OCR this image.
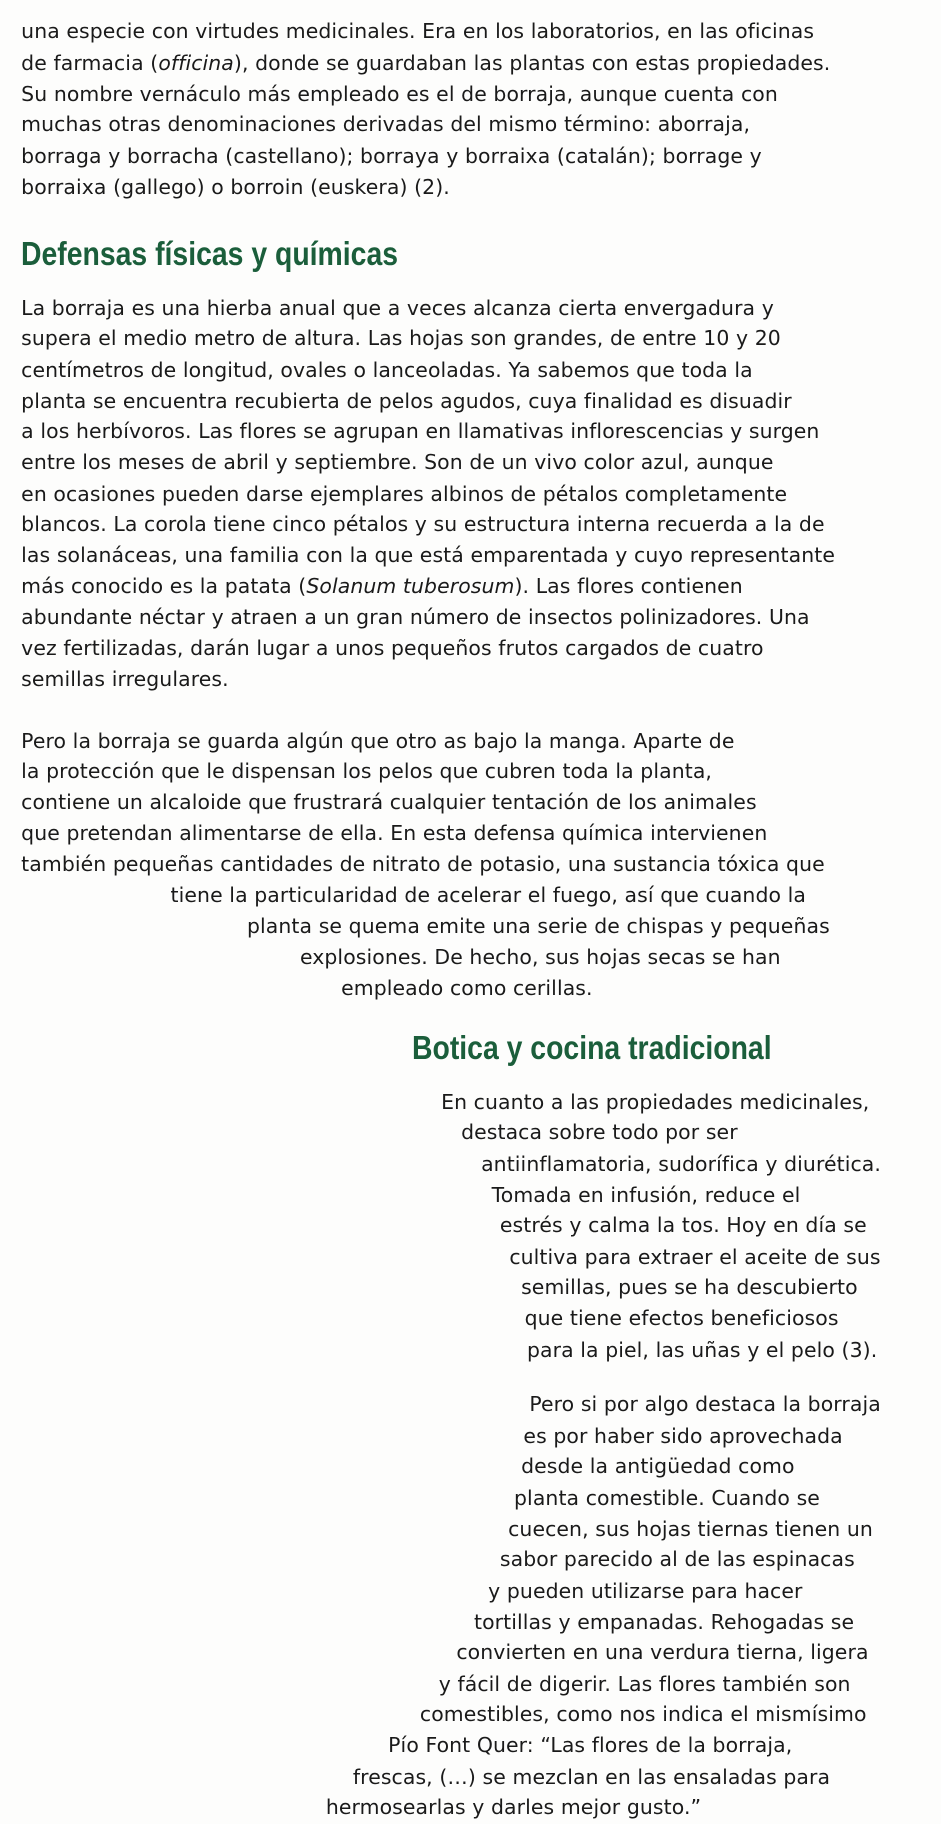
una especie con virtudes medicinales. Era en los laboratorios, en las oficinas
de farmacia (officina), donde se guardaban las plantas con estas propiedades.
Su nombre vernáculo más empleado es el de borraja, aunque cuenta con
muchas otras denominaciones derivadas del mismo término: aborraja,
borraga y borracha (castellano); borraya y borraixa (catalán); borrage y
borraixa (gallego) o borroin (euskera) (2).
Defensas físicas y químicas
La borraja es una hierba anual que a veces alcanza cierta envergadura y
supera el medio metro de altura. Las hojas son grandes, de entre 10 y 20
centímetros de longitud, ovales o lanceoladas. Ya sabemos que toda la
planta se encuentra recubierta de pelos agudos, cuya finalidad es disuadir
a los herbívoros. Las flores se agrupan en llamativas inflorescencias y surgen
entre los meses de abril y septiembre. Son de un vivo color azul, aunque
en ocasiones pueden darse ejemplares albinos de pétalos completamente
blancos. La corola tiene cinco pétalos y su estructura interna recuerda a la de
las solanáceas, una familia con la que está emparentada y cuyo representante
más conocido es la patata (Solanum tuberosum). Las flores contienen
abundante néctar y atraen a un gran número de insectos polinizadores. Una
vez fertilizadas, darán lugar a unos pequeños frutos cargados de cuatro
semillas irregulares.
Pero la borraja se guarda algún que otro as bajo la manga. Aparte de
la protección que le dispensan los pelos que cubren toda la planta,
contiene un alcaloide que frustrará cualquier tentación de los animales
que pretendan alimentarse de ella. En esta defensa química intervienen
también pequeñas cantidades de nitrato de potasio, una sustancia tóxica que
tiene la particularidad de acelerar el fuego, así que cuando la
planta se quema emite una serie de chispas y pequeñas
explosiones. De hecho, sus hojas secas se han
empleado como cerillas.
Botica y cocina tradicional
En cuanto a las propiedades medicinales,
destaca sobre todo por ser
antiinflamatoria, sudorífica y diurética.
Tomada en infusión, reduce el
estrés y calma la tos. Hoy en día se
cultiva para extraer el aceite de sus
semillas, pues se ha descubierto
que tiene efectos beneficiosos
para la piel, las uñas y el pelo (3).
Pero si por algo destaca la borraja
es por haber sido aprovechada
desde la antigüedad como
planta comestible. Cuando se
cuecen, sus hojas tiernas tienen un
sabor parecido al de las espinacas
y pueden utilizarse para hacer
tortillas y empanadas. Rehogadas se
convierten en una verdura tierna, ligera
y fácil de digerir. Las flores también son
comestibles, como nos indica el mismísimo
Pío Font Quer: “Las flores de la borraja,
frescas, (…) se mezclan en las ensaladas para
hermosearlas y darles mejor gusto.”
